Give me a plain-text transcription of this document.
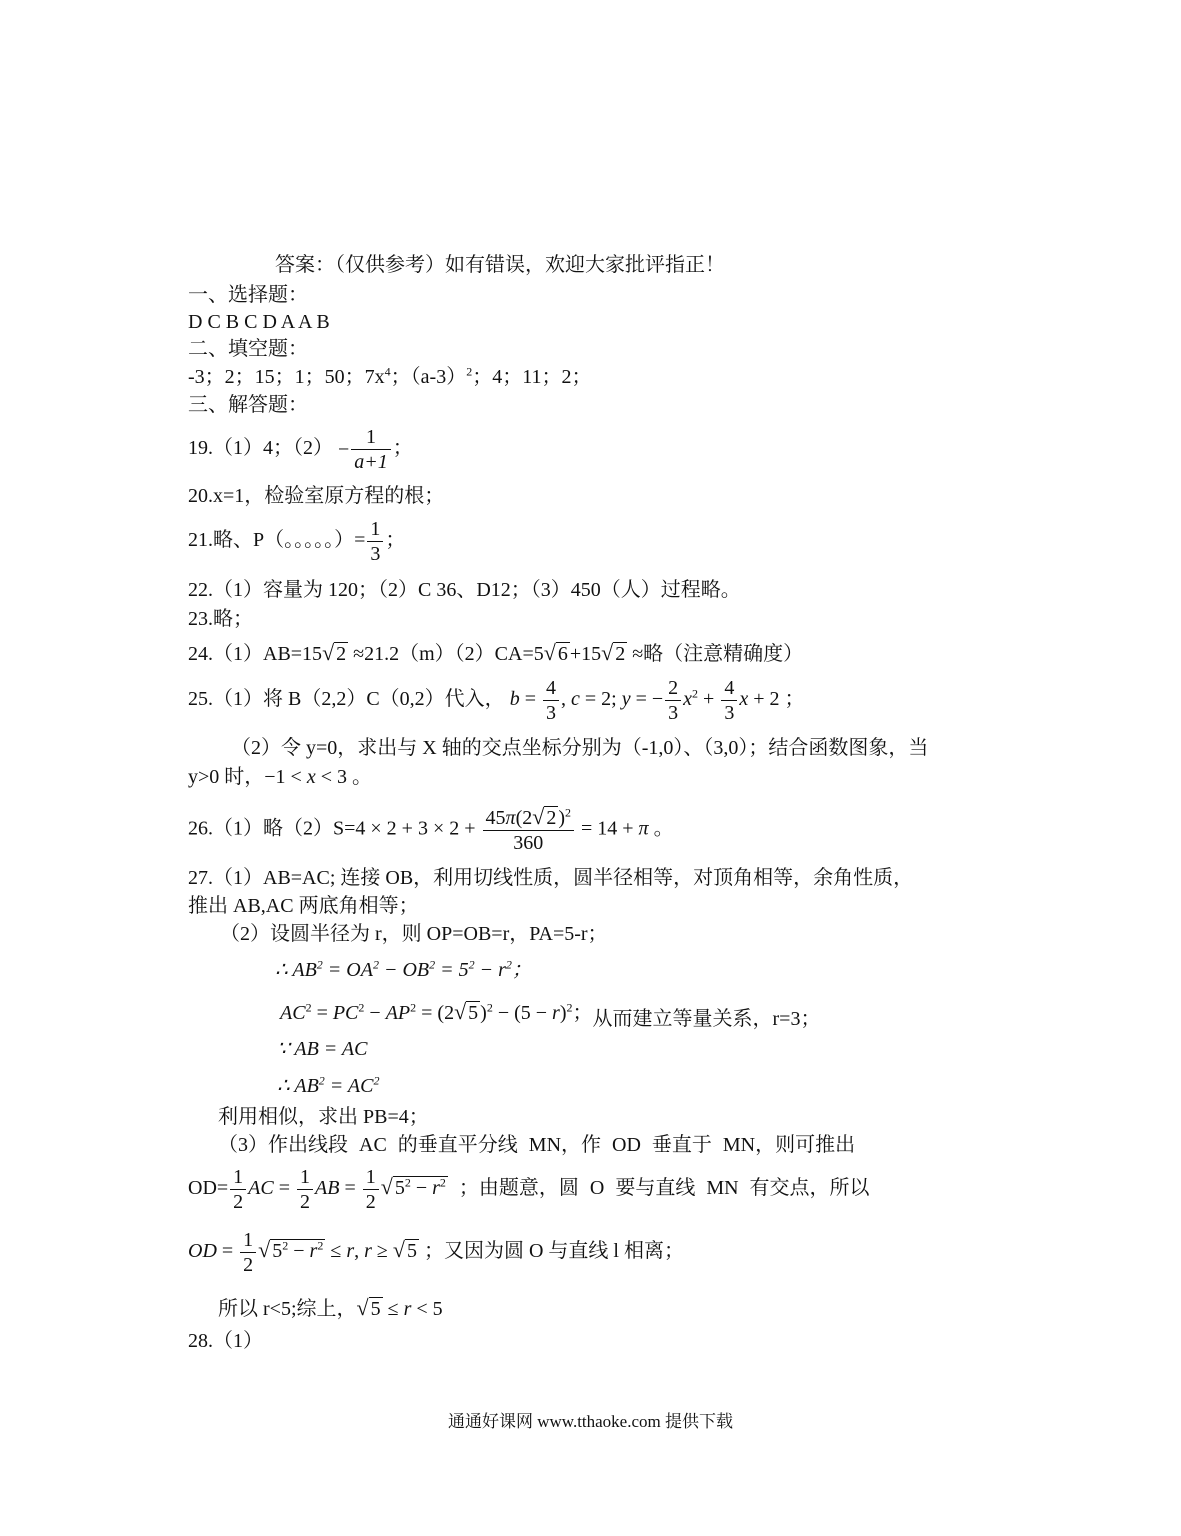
答案：（仅供参考）如有错误，欢迎大家批评指正！
一、选择题：
D C B C D A A B
二、填空题：
-3；2；15；1；50；$7x^4$；$(a-3)^2$；4；11；2；
三、解答题：
19.（1）4；$(2) - \frac{1}{a+1}$ ；
20.x=1，检验室原方程的根；
21.略、P（。。。。。）= $\frac{1}{3}$ ；
22.（1）容量为 120；（2）C 36、D12；（3）450（人）过程略。
23.略；
24.（1）AB=15√ 2 ≈21.2（m）（2）CA=5√ 6 +15√ 2 ≈略（注意精确度）
25.（1）将 B（2,2）C（0,2）代入， $b = \frac{4}{3}$ , c = 2; y = − $\frac{2}{3} x^2 + \frac{4}{3}$ x + 2 ；
（2）令 y=0，求出与 X 轴的交点坐标分别为（-1,0）、（3,0）；结合函数图象，当
y>0 时，−1 < x < 3 。
26.（1）略$(2)S=4 \times 2 + 3 \times 2 + \frac{45\pi(2√ 2 )^2}{360} = 14 + \pi$ 。
27.（1）AB=AC; 连接 OB，利用切线性质，圆半径相等，对顶角相等，余角性质，
推出 AB,AC 两底角相等；
（2）设圆半径为 r，则 OP=OB=r，PA=5-r；
∴ $AB^2 = OA^2 - OB^2 = 5^2 - r^2$；
$AC^2 = PC^2 - AP^2 = (2√$ 5 )$^2 - (5 - r)^2$；从而建立等量关系，r=3；
∵ AB = AC
∴ $AB^2 = AC^2$
利用相似，求出 PB=4；
（3）作出线段 AC 的垂直平分线 MN，作 OD 垂直于 MN，则可推出
$OD= \frac{1}{2}$ AC = $\frac{1}{2}$ AB = $\frac{1}{2}$ √ $5^2 - r^2$ ；由题意，圆 O 要与直线 MN 有交点，所以
OD = $\frac{1}{2}$ √ $5^2 - r^2 \le r$, r ≥ √ 5 ；又因为圆 O 与直线 l 相离；
所以 r<5;综上，√ 5 ≤ r < 5
28.（1）
通通好课网 www.tthaoke.com 提供下载
